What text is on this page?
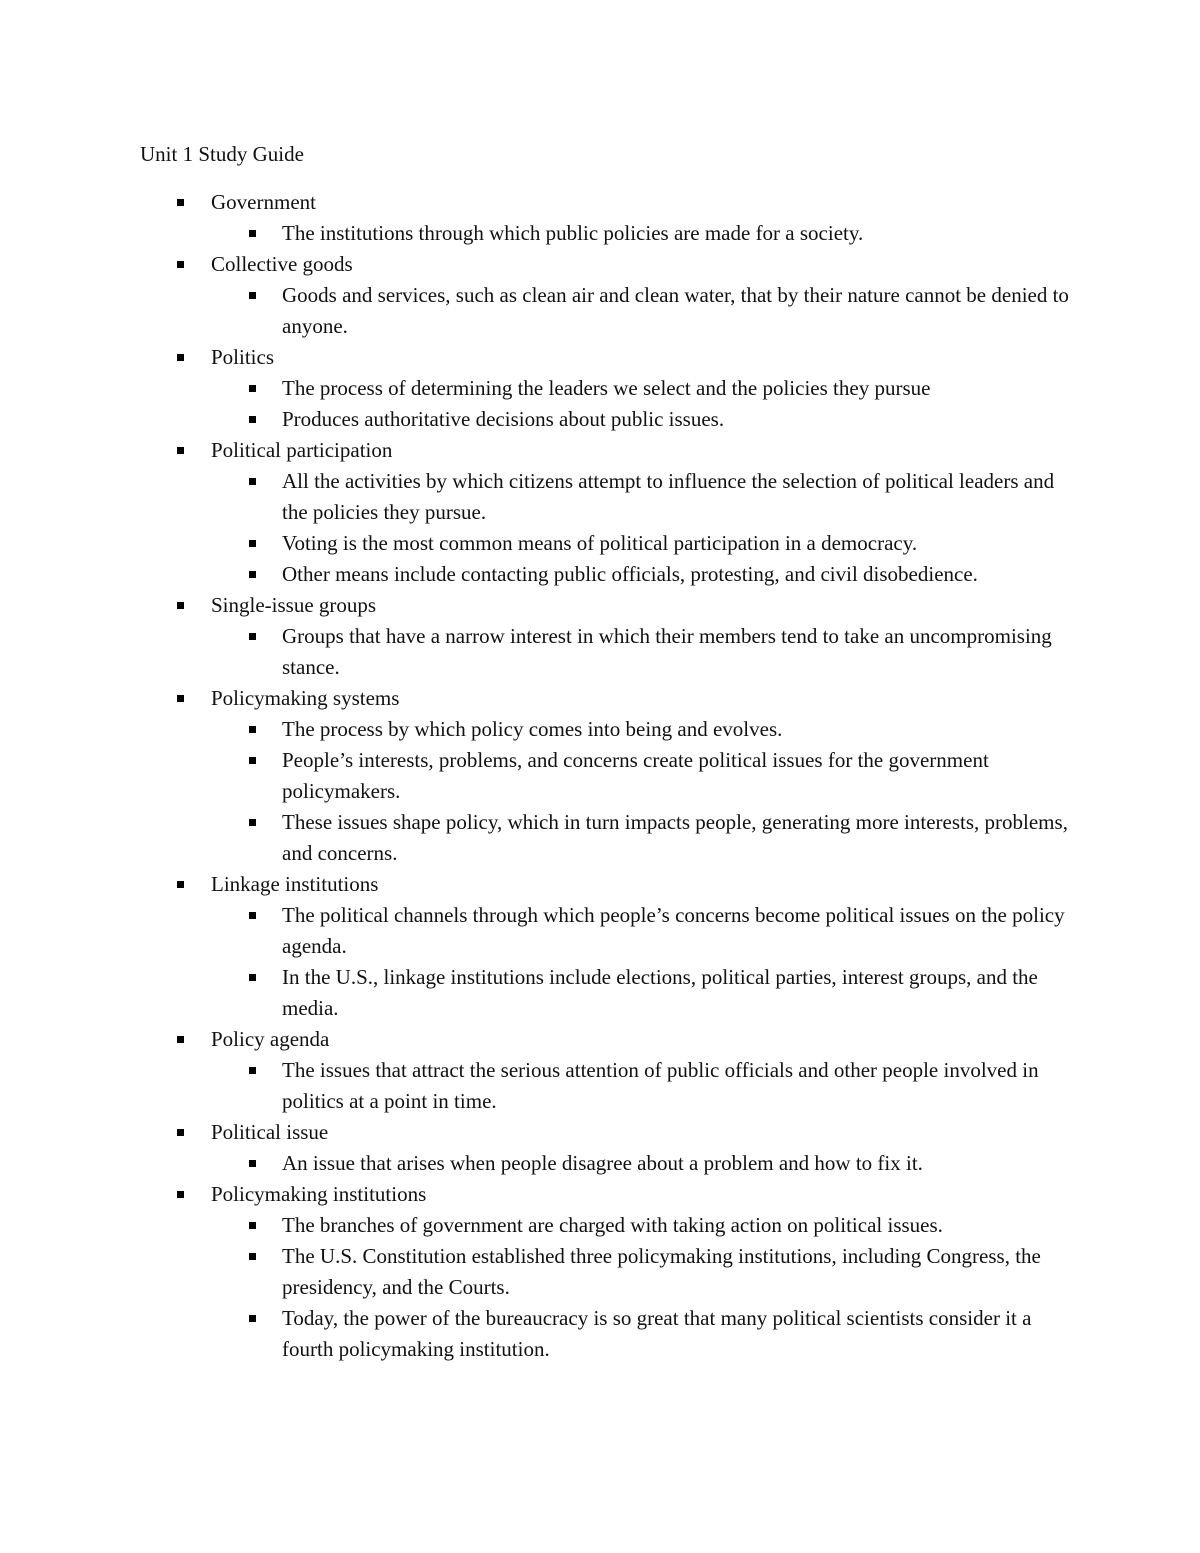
Unit 1 Study Guide
Government
The institutions through which public policies are made for a society.
Collective goods
Goods and services, such as clean air and clean water, that by their nature cannot be denied to anyone.
Politics
The process of determining the leaders we select and the policies they pursue
Produces authoritative decisions about public issues.
Political participation
All the activities by which citizens attempt to influence the selection of political leaders and the policies they pursue.
Voting is the most common means of political participation in a democracy.
Other means include contacting public officials, protesting, and civil disobedience.
Single-issue groups
Groups that have a narrow interest in which their members tend to take an uncompromising stance.
Policymaking systems
The process by which policy comes into being and evolves.
People’s interests, problems, and concerns create political issues for the government policymakers.
These issues shape policy, which in turn impacts people, generating more interests, problems, and concerns.
Linkage institutions
The political channels through which people’s concerns become political issues on the policy agenda.
In the U.S., linkage institutions include elections, political parties, interest groups, and the media.
Policy agenda
The issues that attract the serious attention of public officials and other people involved in politics at a point in time.
Political issue
An issue that arises when people disagree about a problem and how to fix it.
Policymaking institutions
The branches of government are charged with taking action on political issues.
The U.S. Constitution established three policymaking institutions, including Congress, the presidency, and the Courts.
Today, the power of the bureaucracy is so great that many political scientists consider it a fourth policymaking institution.
